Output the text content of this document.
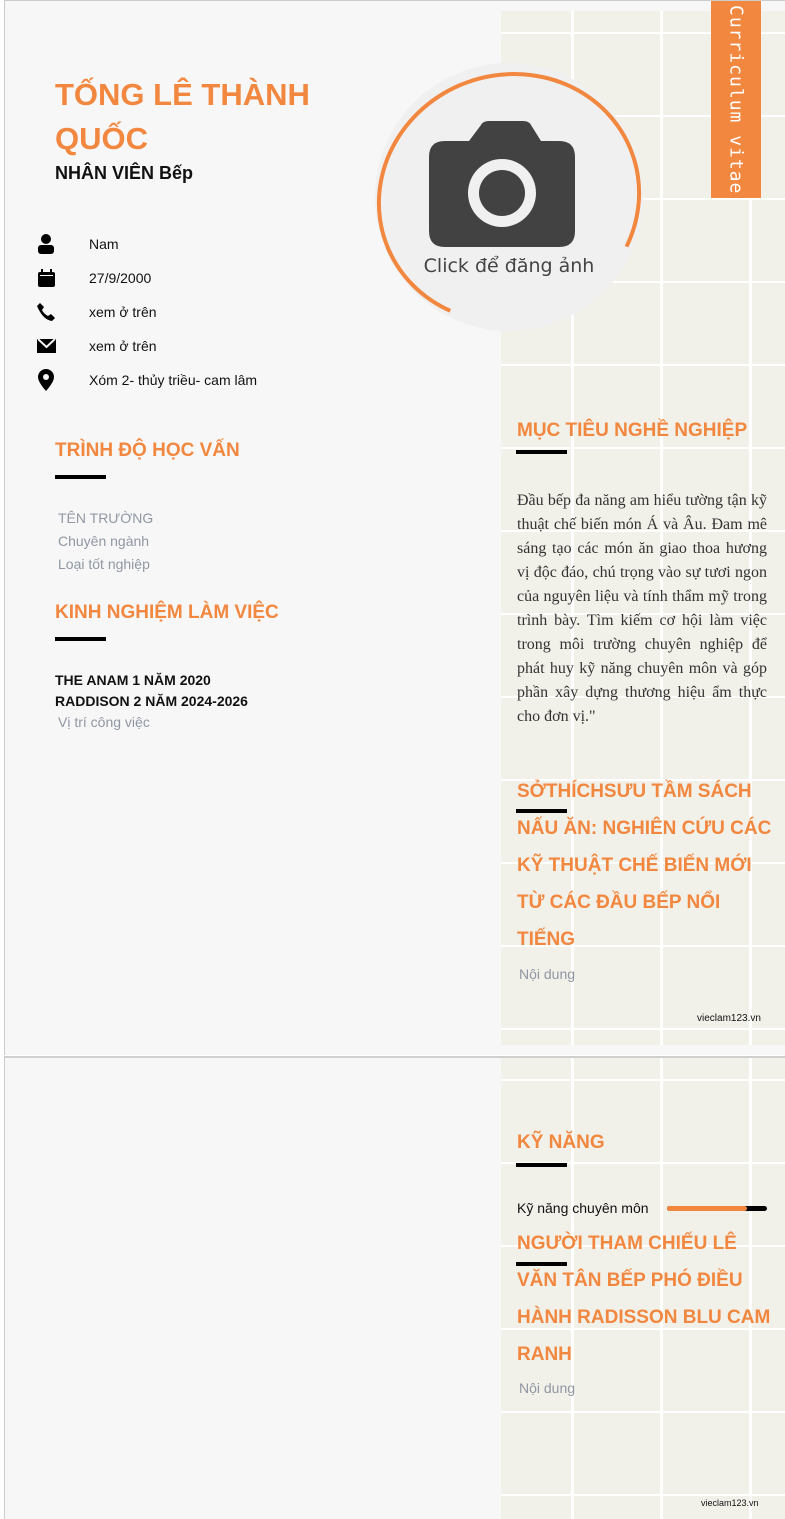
Curriculum vitae
TỐNG LÊ THÀNH QUỐC
NHÂN VIÊN Bếp
Click để đăng ảnh
Nam
27/9/2000
xem ở trên
xem ở trên
Xóm 2- thủy triều- cam lâm
TRÌNH ĐỘ HỌC VẤN
TÊN TRƯỜNG
Chuyên ngành
Loại tốt nghiệp
KINH NGHIỆM LÀM VIỆC
THE ANAM 1 NĂM 2020
RADDISON 2 NĂM 2024-2026
Vị trí công việc
MỤC TIÊU NGHỀ NGHIỆP
Đầu bếp đa năng am hiểu tường tận kỹ thuật chế biến món Á và Âu. Đam mê sáng tạo các món ăn giao thoa hương vị độc đáo, chú trọng vào sự tươi ngon của nguyên liệu và tính thẩm mỹ trong trình bày. Tìm kiếm cơ hội làm việc trong môi trường chuyên nghiệp để phát huy kỹ năng chuyên môn và góp phần xây dựng thương hiệu ẩm thực cho đơn vị."
SỞTHÍCHSƯU TẦM SÁCH NẤU ĂN: NGHIÊN CỨU CÁC KỸ THUẬT CHẾ BIẾN MỚI TỪ CÁC ĐẦU BẾP NỔI TIẾNG
Nội dung
vieclam123.vn
KỸ NĂNG
Kỹ năng chuyên môn
NGƯỜI THAM CHIẾU LÊ VĂN TÂN BẾP PHÓ ĐIỀU HÀNH RADISSON BLU CAM RANH
Nội dung
vieclam123.vn
